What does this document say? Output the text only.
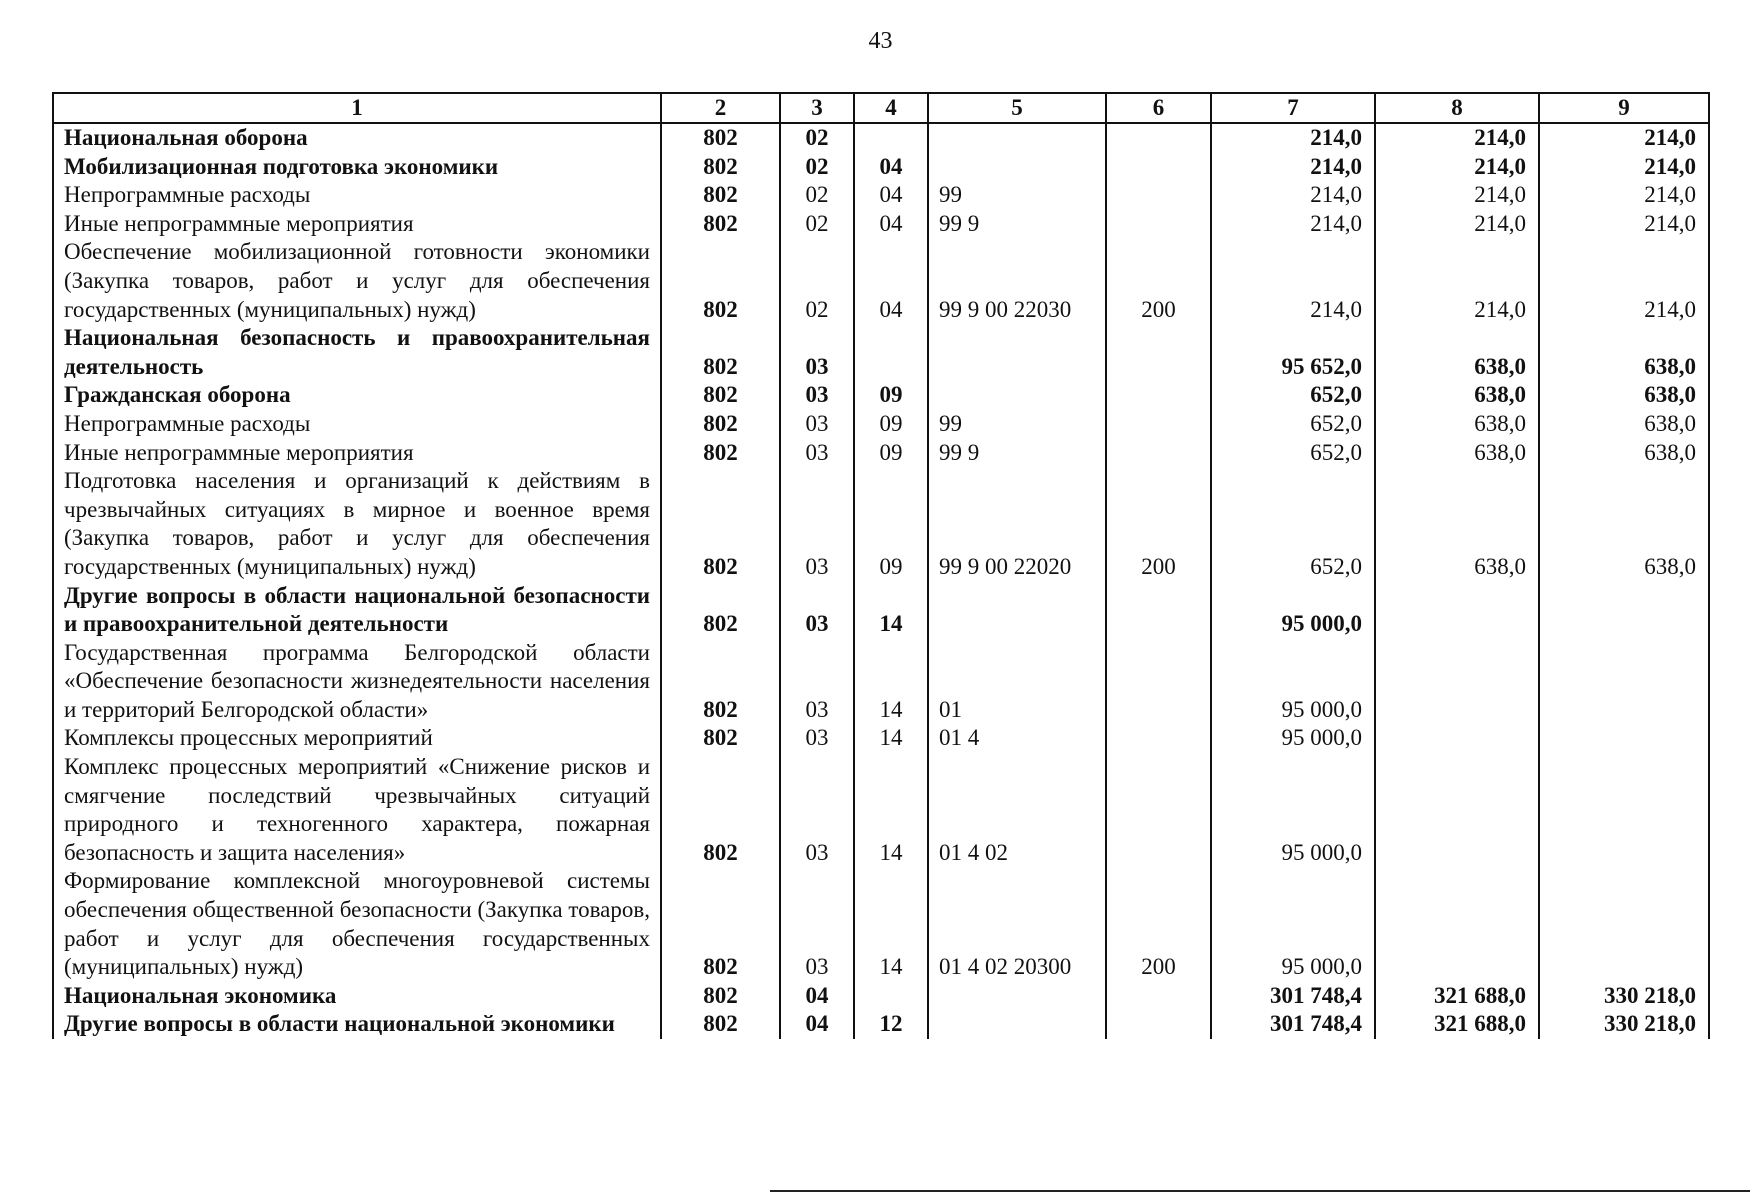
43
1	2	3	4	5	6	7	8	9
Национальная оборона	802	02				214,0	214,0	214,0
Мобилизационная подготовка экономики	802	02	04			214,0	214,0	214,0
Непрограммные расходы	802	02	04	99		214,0	214,0	214,0
Иные непрограммные мероприятия	802	02	04	99 9		214,0	214,0	214,0
Обеспечение мобилизационной готовности экономики (Закупка товаров, работ и услуг для обеспечения государственных (муниципальных) нужд)	802	02	04	99 9 00 22030	200	214,0	214,0	214,0
Национальная безопасность и правоохранительная деятельность	802	03				95 652,0	638,0	638,0
Гражданская оборона	802	03	09			652,0	638,0	638,0
Непрограммные расходы	802	03	09	99		652,0	638,0	638,0
Иные непрограммные мероприятия	802	03	09	99 9		652,0	638,0	638,0
Подготовка населения и организаций к действиям в чрезвычайных ситуациях в мирное и военное время (Закупка товаров, работ и услуг для обеспечения государственных (муниципальных) нужд)	802	03	09	99 9 00 22020	200	652,0	638,0	638,0
Другие вопросы в области национальной безопасности и правоохранительной деятельности	802	03	14			95 000,0		
Государственная программа Белгородской области «Обеспечение безопасности жизнедеятельности населения и территорий Белгородской области»	802	03	14	01		95 000,0		
Комплексы процессных мероприятий	802	03	14	01 4		95 000,0		
Комплекс процессных мероприятий «Снижение рисков и смягчение последствий чрезвычайных ситуаций природного и техногенного характера, пожарная безопасность и защита населения»	802	03	14	01 4 02		95 000,0		
Формирование комплексной многоуровневой системы обеспечения общественной безопасности (Закупка товаров, работ и услуг для обеспечения государственных (муниципальных) нужд)	802	03	14	01 4 02 20300	200	95 000,0		
Национальная экономика	802	04				301 748,4	321 688,0	330 218,0
Другие вопросы в области национальной экономики	802	04	12			301 748,4	321 688,0	330 218,0
